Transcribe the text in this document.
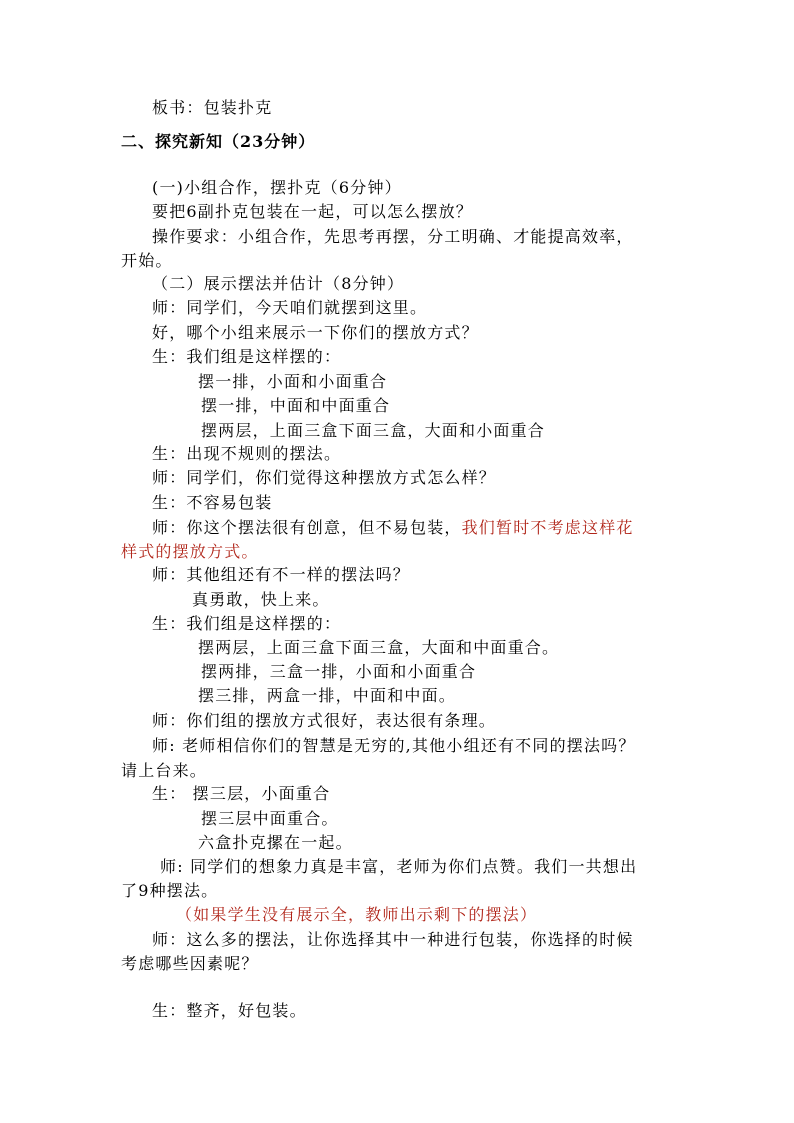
板书：包装扑克
二、探究新知（23分钟）
(一)小组合作，摆扑克（6分钟）
要把6副扑克包装在一起，可以怎么摆放？
操作要求：小组合作，先思考再摆，分工明确、才能提高效率，
开始。
（二）展示摆法并估计（8分钟）
师：同学们，今天咱们就摆到这里。
好，哪个小组来展示一下你们的摆放方式？
生：我们组是这样摆的：
摆一排，小面和小面重合
摆一排，中面和中面重合
摆两层，上面三盒下面三盒，大面和小面重合
生：出现不规则的摆法。
师：同学们，你们觉得这种摆放方式怎么样？
生：不容易包装
师：你这个摆法很有创意，但不易包装，我们暂时不考虑这样花
样式的摆放方式。
师：其他组还有不一样的摆法吗？
真勇敢，快上来。
生：我们组是这样摆的：
摆两层，上面三盒下面三盒，大面和中面重合。
摆两排，三盒一排，小面和小面重合
摆三排，两盒一排，中面和中面。
师：你们组的摆放方式很好，表达很有条理。
师: 老师相信你们的智慧是无穷的,其他小组还有不同的摆法吗？
请上台来。
生： 摆三层，小面重合
摆三层中面重合。
六盒扑克摞在一起。
师: 同学们的想象力真是丰富，老师为你们点赞。我们一共想出
了9种摆法。
（如果学生没有展示全，教师出示剩下的摆法）
师：这么多的摆法，让你选择其中一种进行包装，你选择的时候
考虑哪些因素呢？
生：整齐，好包装。
